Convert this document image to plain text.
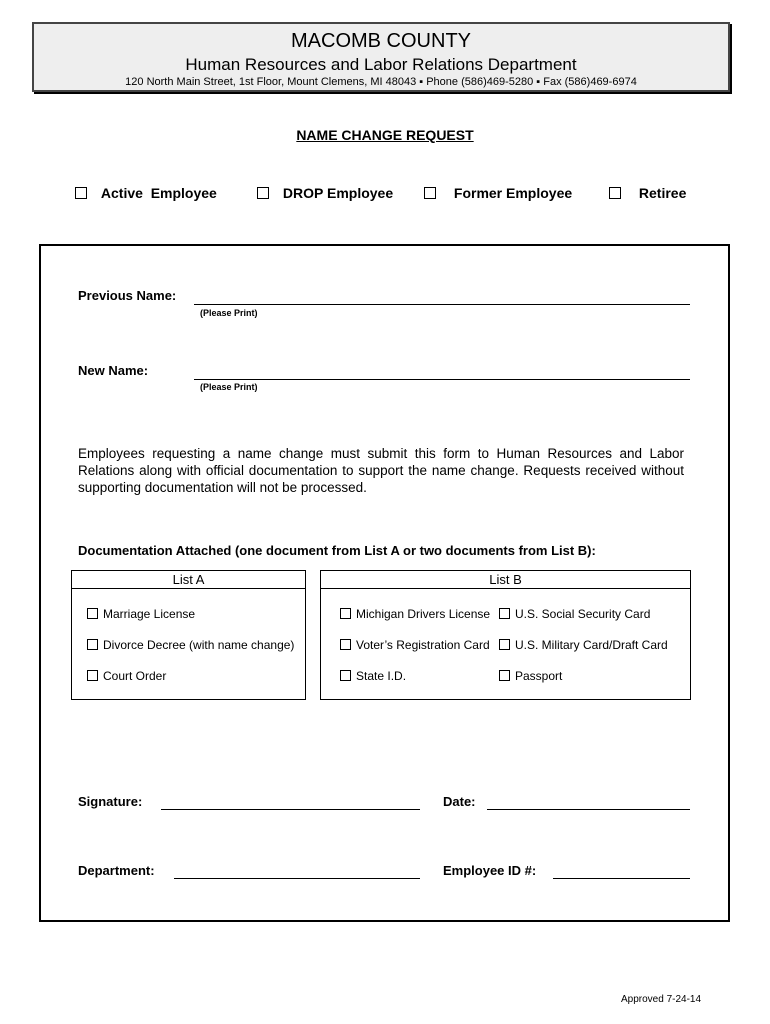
MACOMB COUNTY
Human Resources and Labor Relations Department
120 North Main Street, 1st Floor, Mount Clemens, MI 48043 ▪ Phone (586)469-5280 ▪ Fax (586)469-6974
NAME CHANGE REQUEST
Active  Employee	DROP Employee	Former Employee	Retiree
Previous Name:
(Please Print)
New Name:
(Please Print)
Employees requesting a name change must submit this form to Human Resources and Labor Relations along with official documentation to support the name change. Requests received without supporting documentation will not be processed.
Documentation Attached (one document from List A or two documents from List B):
List A
Marriage License
Divorce Decree (with name change)
Court Order
List B
Michigan Drivers License	U.S. Social Security Card
Voter’s Registration Card	U.S. Military Card/Draft Card
State I.D.	Passport
Signature:	Date:
Department:	Employee ID #:
Approved 7-24-14
